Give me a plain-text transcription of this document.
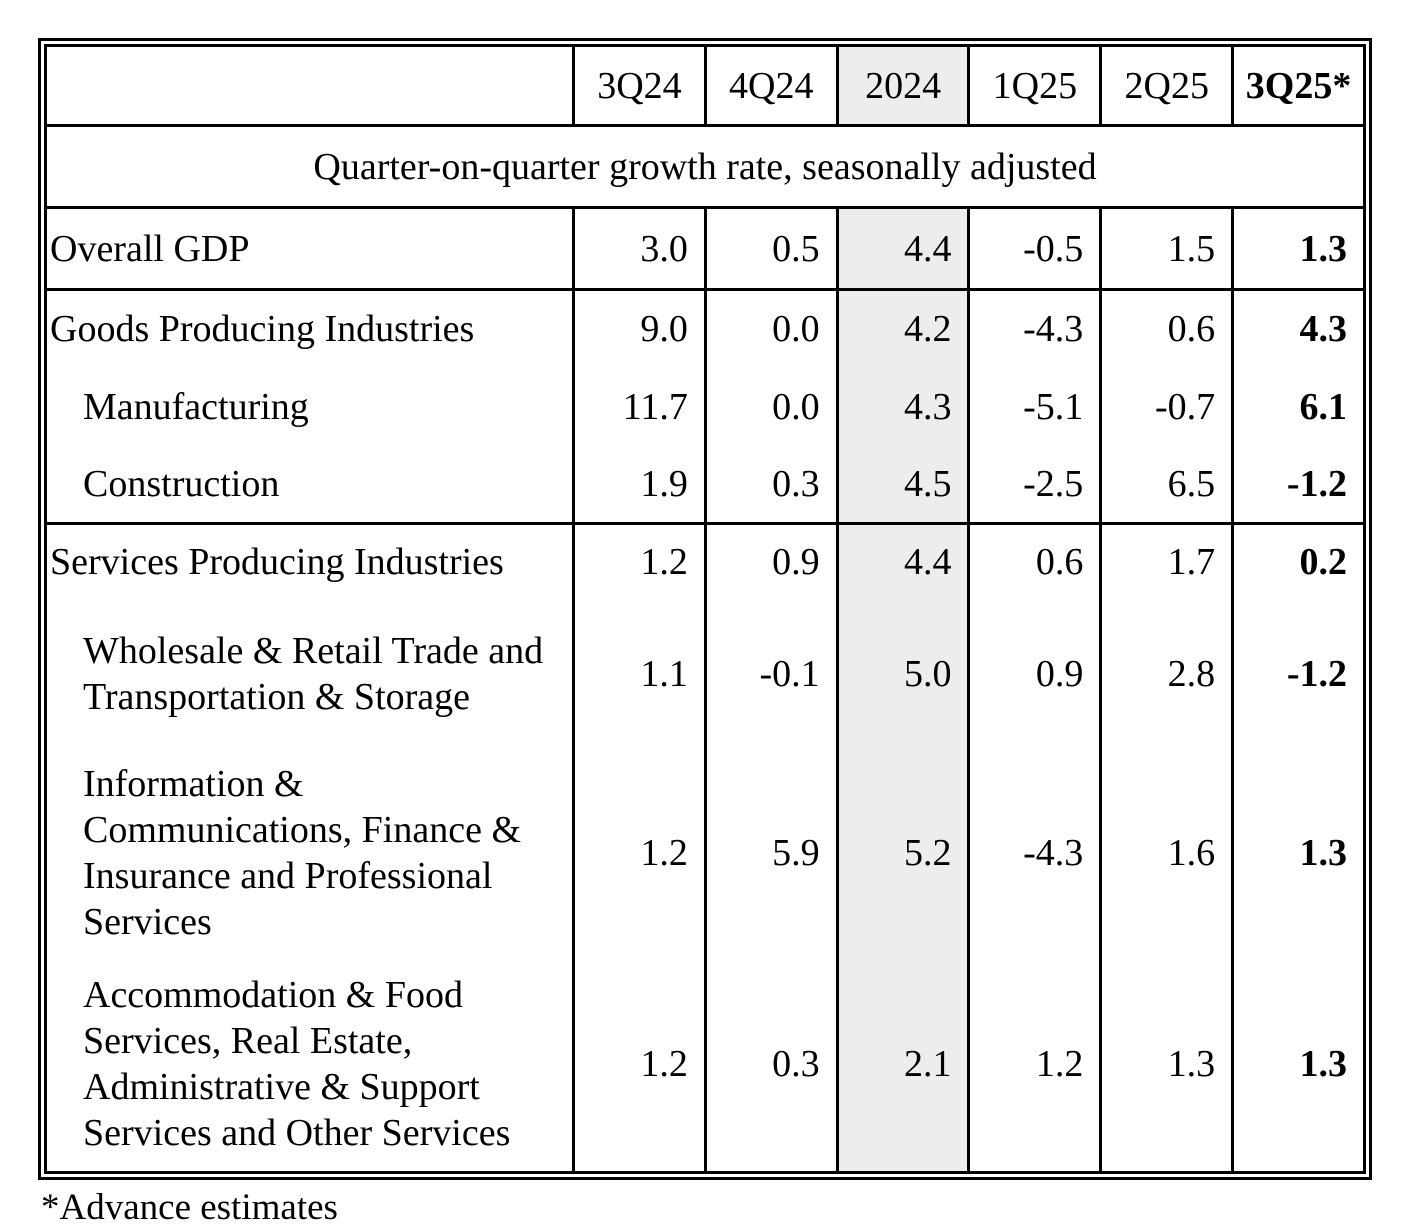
	3Q24	4Q24	2024	1Q25	2Q25	3Q25*
Quarter-on-quarter growth rate, seasonally adjusted						
Overall GDP	3.0	0.5	4.4	-0.5	1.5	1.3
Goods Producing Industries	9.0	0.0	4.2	-4.3	0.6	4.3
Manufacturing	11.7	0.0	4.3	-5.1	-0.7	6.1
Construction	1.9	0.3	4.5	-2.5	6.5	-1.2
Services Producing Industries	1.2	0.9	4.4	0.6	1.7	0.2
Wholesale & Retail Trade and Transportation & Storage	1.1	-0.1	5.0	0.9	2.8	-1.2
Information & Communications, Finance & Insurance and Professional Services	1.2	5.9	5.2	-4.3	1.6	1.3
Accommodation & Food Services, Real Estate, Administrative & Support Services and Other Services	1.2	0.3	2.1	1.2	1.3	1.3
*Advance estimates
